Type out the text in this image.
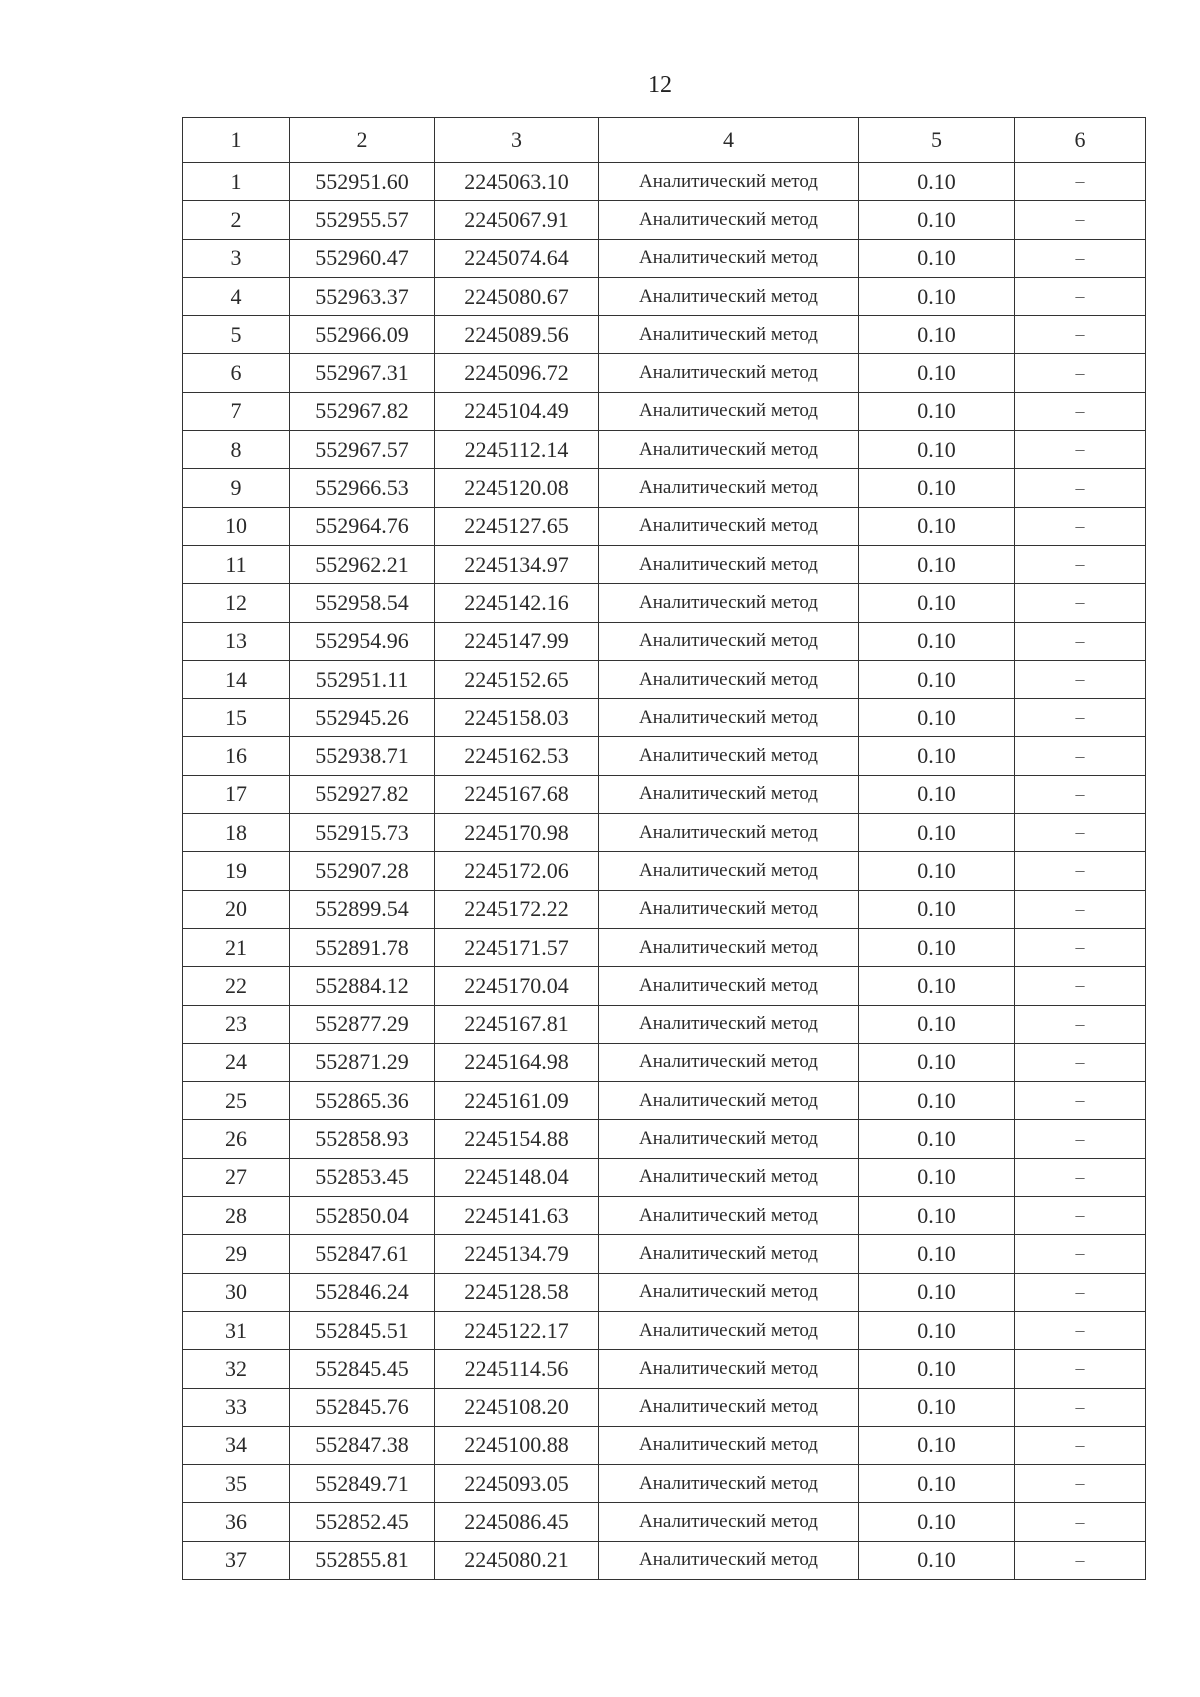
12
1	2	3	4	5	6
1	552951.60	2245063.10	Аналитический метод	0.10	–
2	552955.57	2245067.91	Аналитический метод	0.10	–
3	552960.47	2245074.64	Аналитический метод	0.10	–
4	552963.37	2245080.67	Аналитический метод	0.10	–
5	552966.09	2245089.56	Аналитический метод	0.10	–
6	552967.31	2245096.72	Аналитический метод	0.10	–
7	552967.82	2245104.49	Аналитический метод	0.10	–
8	552967.57	2245112.14	Аналитический метод	0.10	–
9	552966.53	2245120.08	Аналитический метод	0.10	–
10	552964.76	2245127.65	Аналитический метод	0.10	–
11	552962.21	2245134.97	Аналитический метод	0.10	–
12	552958.54	2245142.16	Аналитический метод	0.10	–
13	552954.96	2245147.99	Аналитический метод	0.10	–
14	552951.11	2245152.65	Аналитический метод	0.10	–
15	552945.26	2245158.03	Аналитический метод	0.10	–
16	552938.71	2245162.53	Аналитический метод	0.10	–
17	552927.82	2245167.68	Аналитический метод	0.10	–
18	552915.73	2245170.98	Аналитический метод	0.10	–
19	552907.28	2245172.06	Аналитический метод	0.10	–
20	552899.54	2245172.22	Аналитический метод	0.10	–
21	552891.78	2245171.57	Аналитический метод	0.10	–
22	552884.12	2245170.04	Аналитический метод	0.10	–
23	552877.29	2245167.81	Аналитический метод	0.10	–
24	552871.29	2245164.98	Аналитический метод	0.10	–
25	552865.36	2245161.09	Аналитический метод	0.10	–
26	552858.93	2245154.88	Аналитический метод	0.10	–
27	552853.45	2245148.04	Аналитический метод	0.10	–
28	552850.04	2245141.63	Аналитический метод	0.10	–
29	552847.61	2245134.79	Аналитический метод	0.10	–
30	552846.24	2245128.58	Аналитический метод	0.10	–
31	552845.51	2245122.17	Аналитический метод	0.10	–
32	552845.45	2245114.56	Аналитический метод	0.10	–
33	552845.76	2245108.20	Аналитический метод	0.10	–
34	552847.38	2245100.88	Аналитический метод	0.10	–
35	552849.71	2245093.05	Аналитический метод	0.10	–
36	552852.45	2245086.45	Аналитический метод	0.10	–
37	552855.81	2245080.21	Аналитический метод	0.10	–
